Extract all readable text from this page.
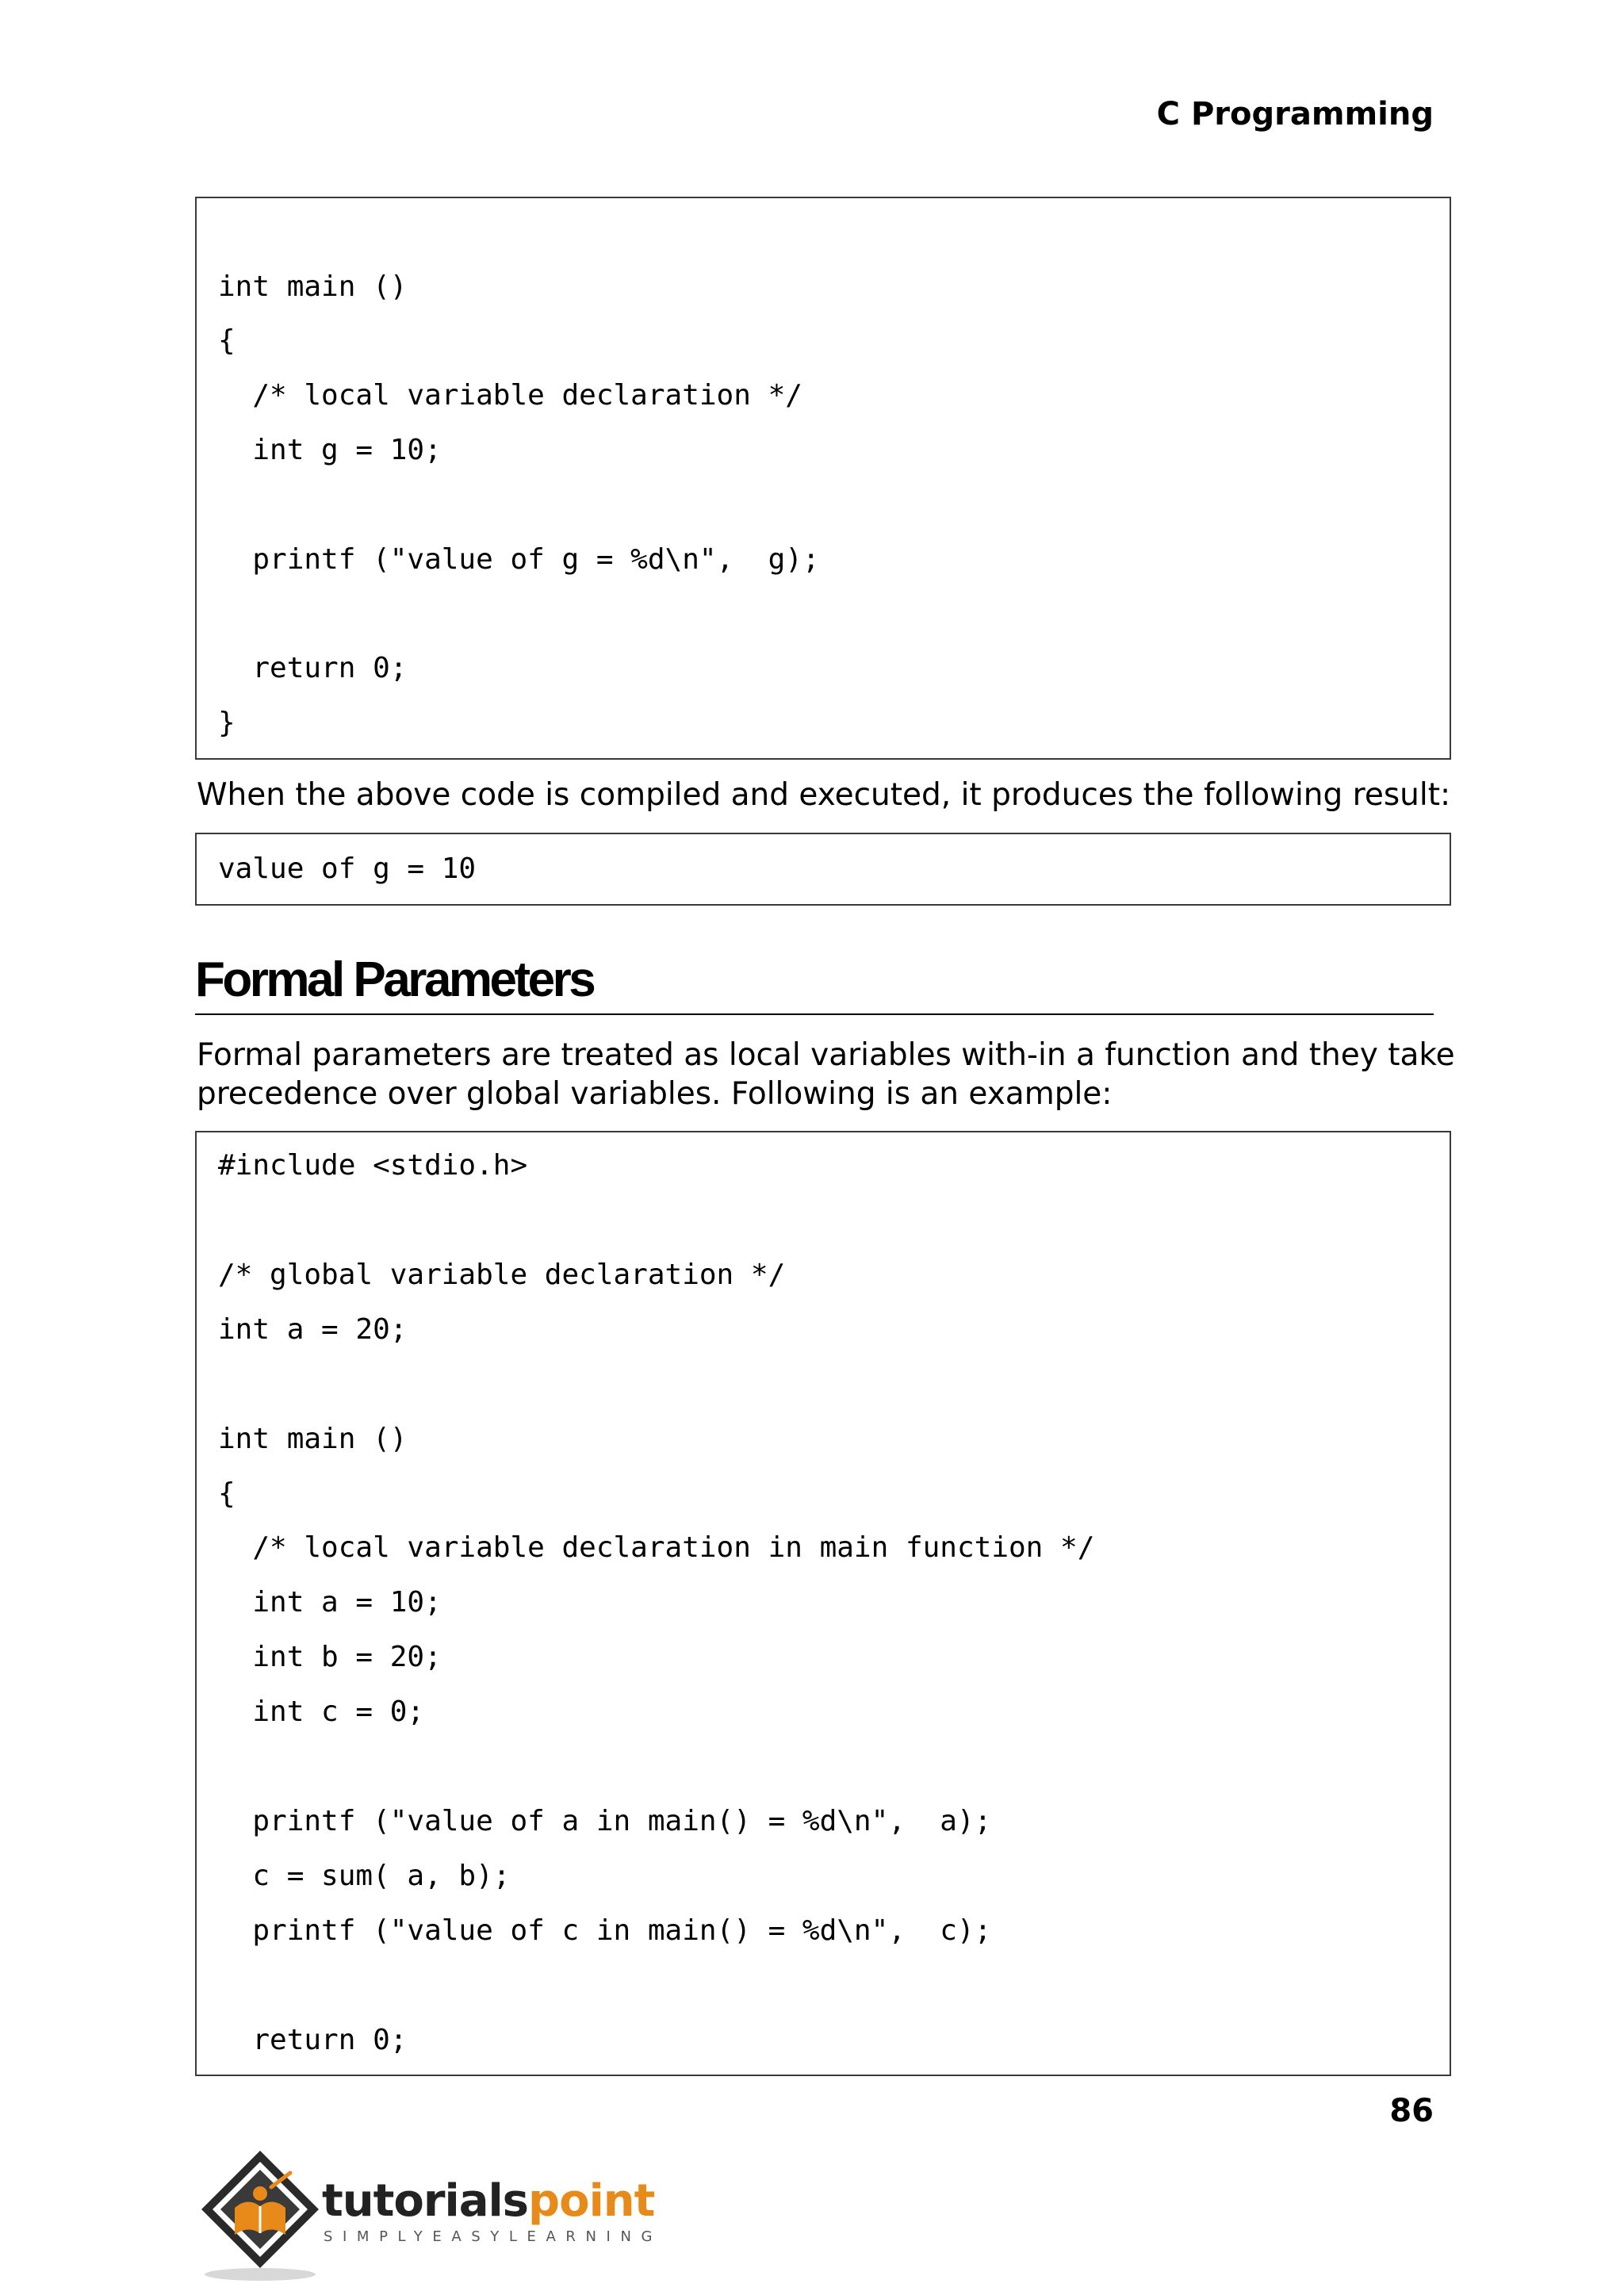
C Programming
int main ()
{
/* local variable declaration */
int g = 10;
printf ("value of g = %d\n",  g);
return 0;
}
When the above code is compiled and executed, it produces the following result:
value of g = 10
Formal Parameters
Formal parameters are treated as local variables with-in a function and they take
precedence over global variables. Following is an example:
#include <stdio.h>
/* global variable declaration */
int a = 20;
int main ()
{
/* local variable declaration in main function */
int a = 10;
int b = 20;
int c = 0;
printf ("value of a in main() = %d\n",  a);
c = sum( a, b);
printf ("value of c in main() = %d\n",  c);
return 0;
86
tutorialspoint
SIMPLYEASYLEARNING
